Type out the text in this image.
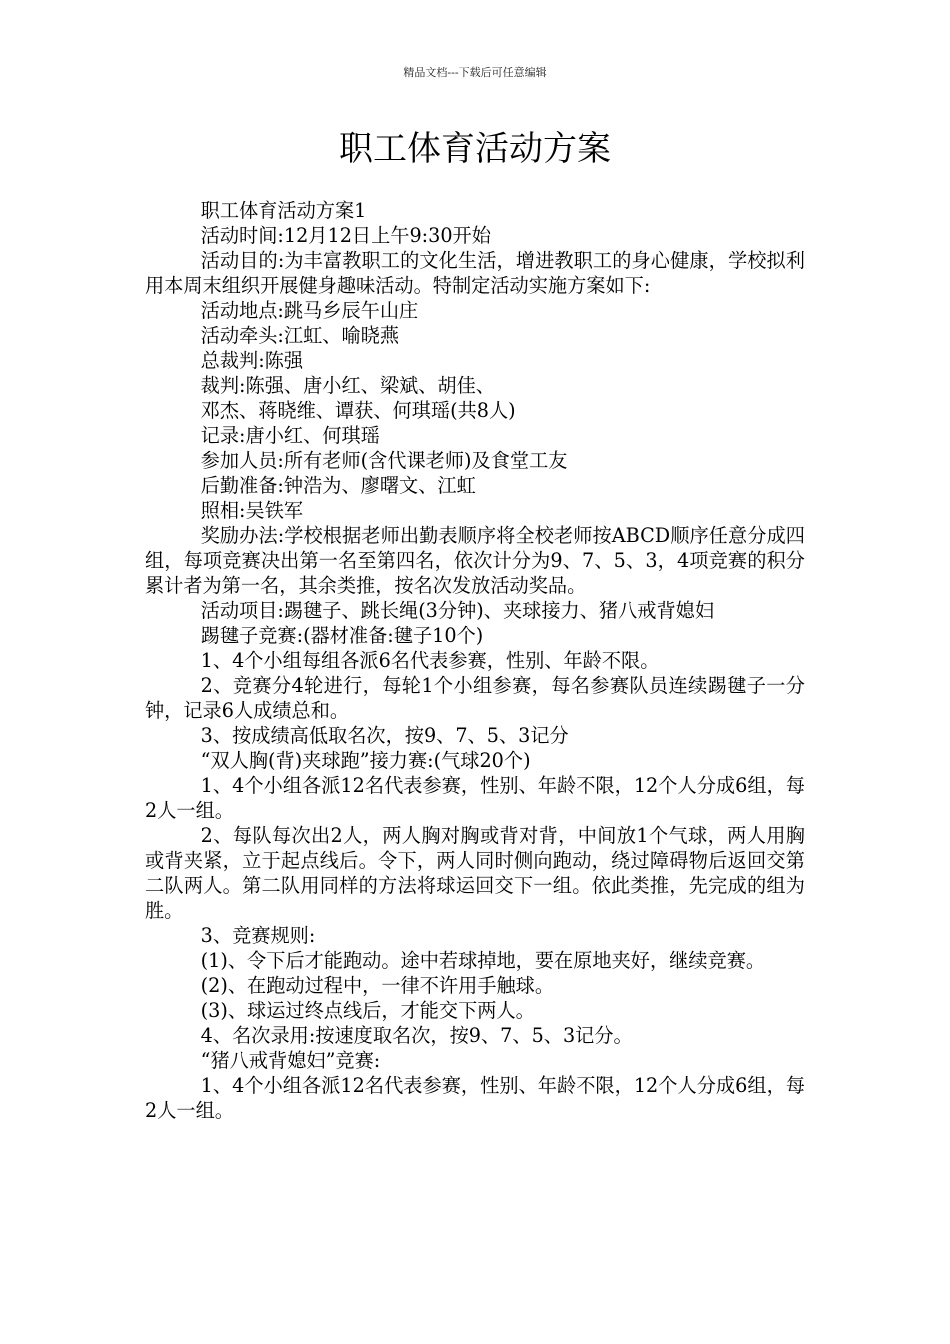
精品文档---下载后可任意编辑
职工体育活动方案

职工体育活动方案1

活动时间:12月12日上午9:30开始

活动目的:为丰富教职工的文化生活，增进教职工的身心健康，学校拟利用本周末组织开展健身趣味活动。特制定活动实施方案如下:

活动地点:跳马乡辰午山庄

活动牵头:江虹、喻晓燕

总裁判:陈强

裁判:陈强、唐小红、梁斌、胡佳、

邓杰、蒋晓维、谭获、何琪瑶(共8人)

记录:唐小红、何琪瑶

参加人员:所有老师(含代课老师)及食堂工友

后勤准备:钟浩为、廖曙文、江虹

照相:吴铁军

奖励办法:学校根据老师出勤表顺序将全校老师按ABCD顺序任意分成四组，每项竞赛决出第一名至第四名，依次计分为9、7、5、3，4项竞赛的积分累计者为第一名，其余类推，按名次发放活动奖品。

活动项目:踢毽子、跳长绳(3分钟)、夹球接力、猪八戒背媳妇

踢毽子竞赛:(器材准备:毽子10个)

1、4个小组每组各派6名代表参赛，性别、年龄不限。

2、竞赛分4轮进行，每轮1个小组参赛，每名参赛队员连续踢毽子一分钟，记录6人成绩总和。

3、按成绩高低取名次，按9、7、5、3记分

“双人胸(背)夹球跑”接力赛:(气球20个)

1、4个小组各派12名代表参赛，性别、年龄不限，12个人分成6组，每2人一组。

2、每队每次出2人，两人胸对胸或背对背，中间放1个气球，两人用胸或背夹紧，立于起点线后。令下，两人同时侧向跑动，绕过障碍物后返回交第二队两人。第二队用同样的方法将球运回交下一组。依此类推，先完成的组为胜。

3、竞赛规则:

(1)、令下后才能跑动。途中若球掉地，要在原地夹好，继续竞赛。

(2)、在跑动过程中，一律不许用手触球。

(3)、球运过终点线后，才能交下两人。

4、名次录用:按速度取名次，按9、7、5、3记分。

“猪八戒背媳妇”竞赛:

1、4个小组各派12名代表参赛，性别、年龄不限，12个人分成6组，每2人一组。
